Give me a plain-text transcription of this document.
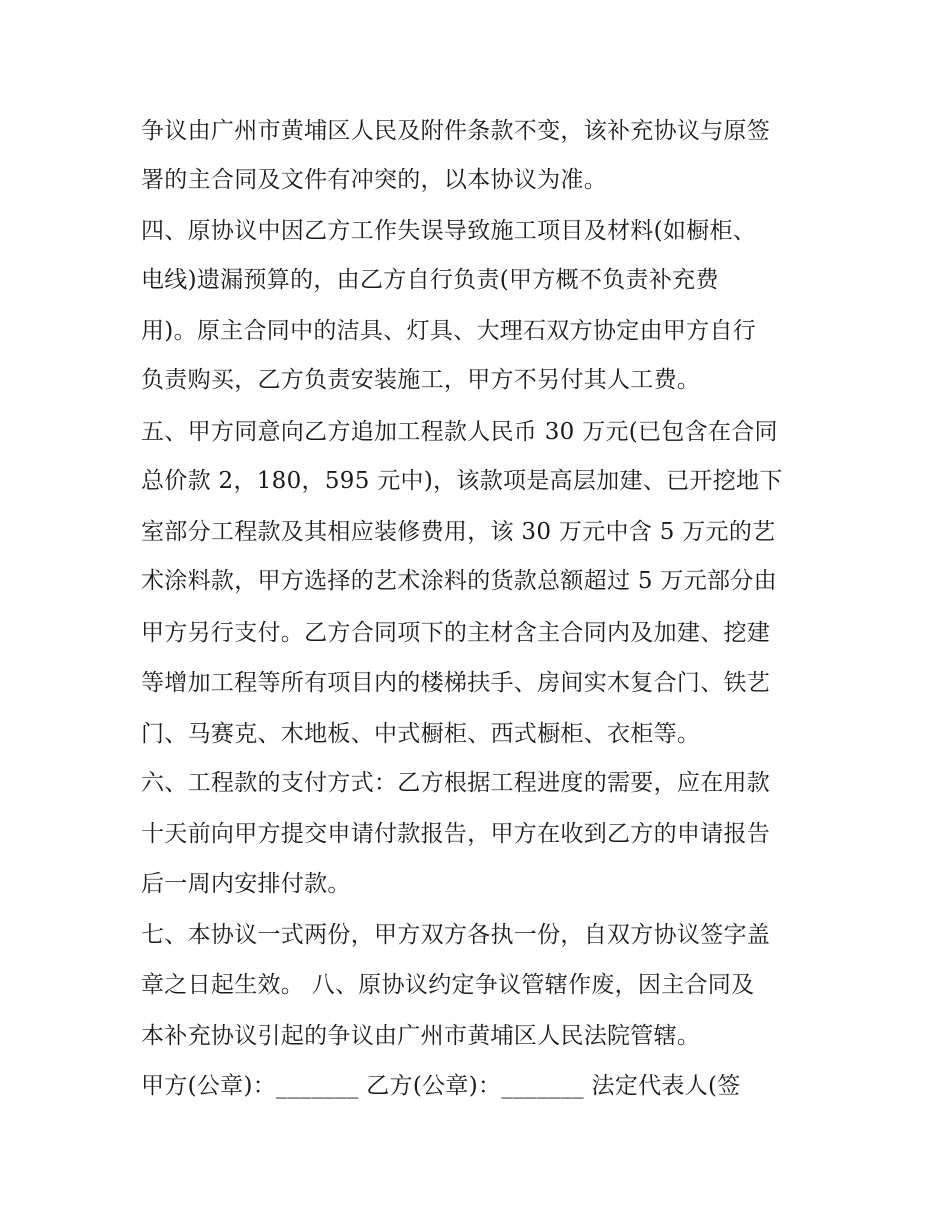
争议由广州市黄埔区人民及附件条款不变，该补充协议与原签
署的主合同及文件有冲突的，以本协议为准。
四、原协议中因乙方工作失误导致施工项目及材料(如橱柜、
电线)遗漏预算的，由乙方自行负责(甲方概不负责补充费
用)。原主合同中的洁具、灯具、大理石双方协定由甲方自行
负责购买，乙方负责安装施工，甲方不另付其人工费。
五、甲方同意向乙方追加工程款人民币 30 万元(已包含在合同
总价款 2，180，595 元中)，该款项是高层加建、已开挖地下
室部分工程款及其相应装修费用，该 30 万元中含 5 万元的艺
术涂料款，甲方选择的艺术涂料的货款总额超过 5 万元部分由
甲方另行支付。乙方合同项下的主材含主合同内及加建、挖建
等增加工程等所有项目内的楼梯扶手、房间实木复合门、铁艺
门、马赛克、木地板、中式橱柜、西式橱柜、衣柜等。
六、工程款的支付方式：乙方根据工程进度的需要，应在用款
十天前向甲方提交申请付款报告，甲方在收到乙方的申请报告
后一周内安排付款。
七、本协议一式两份，甲方双方各执一份，自双方协议签字盖
章之日起生效。 八、原协议约定争议管辖作废，因主合同及
本补充协议引起的争议由广州市黄埔区人民法院管辖。
甲方(公章)：_______ 乙方(公章)：_______ 法定代表人(签
